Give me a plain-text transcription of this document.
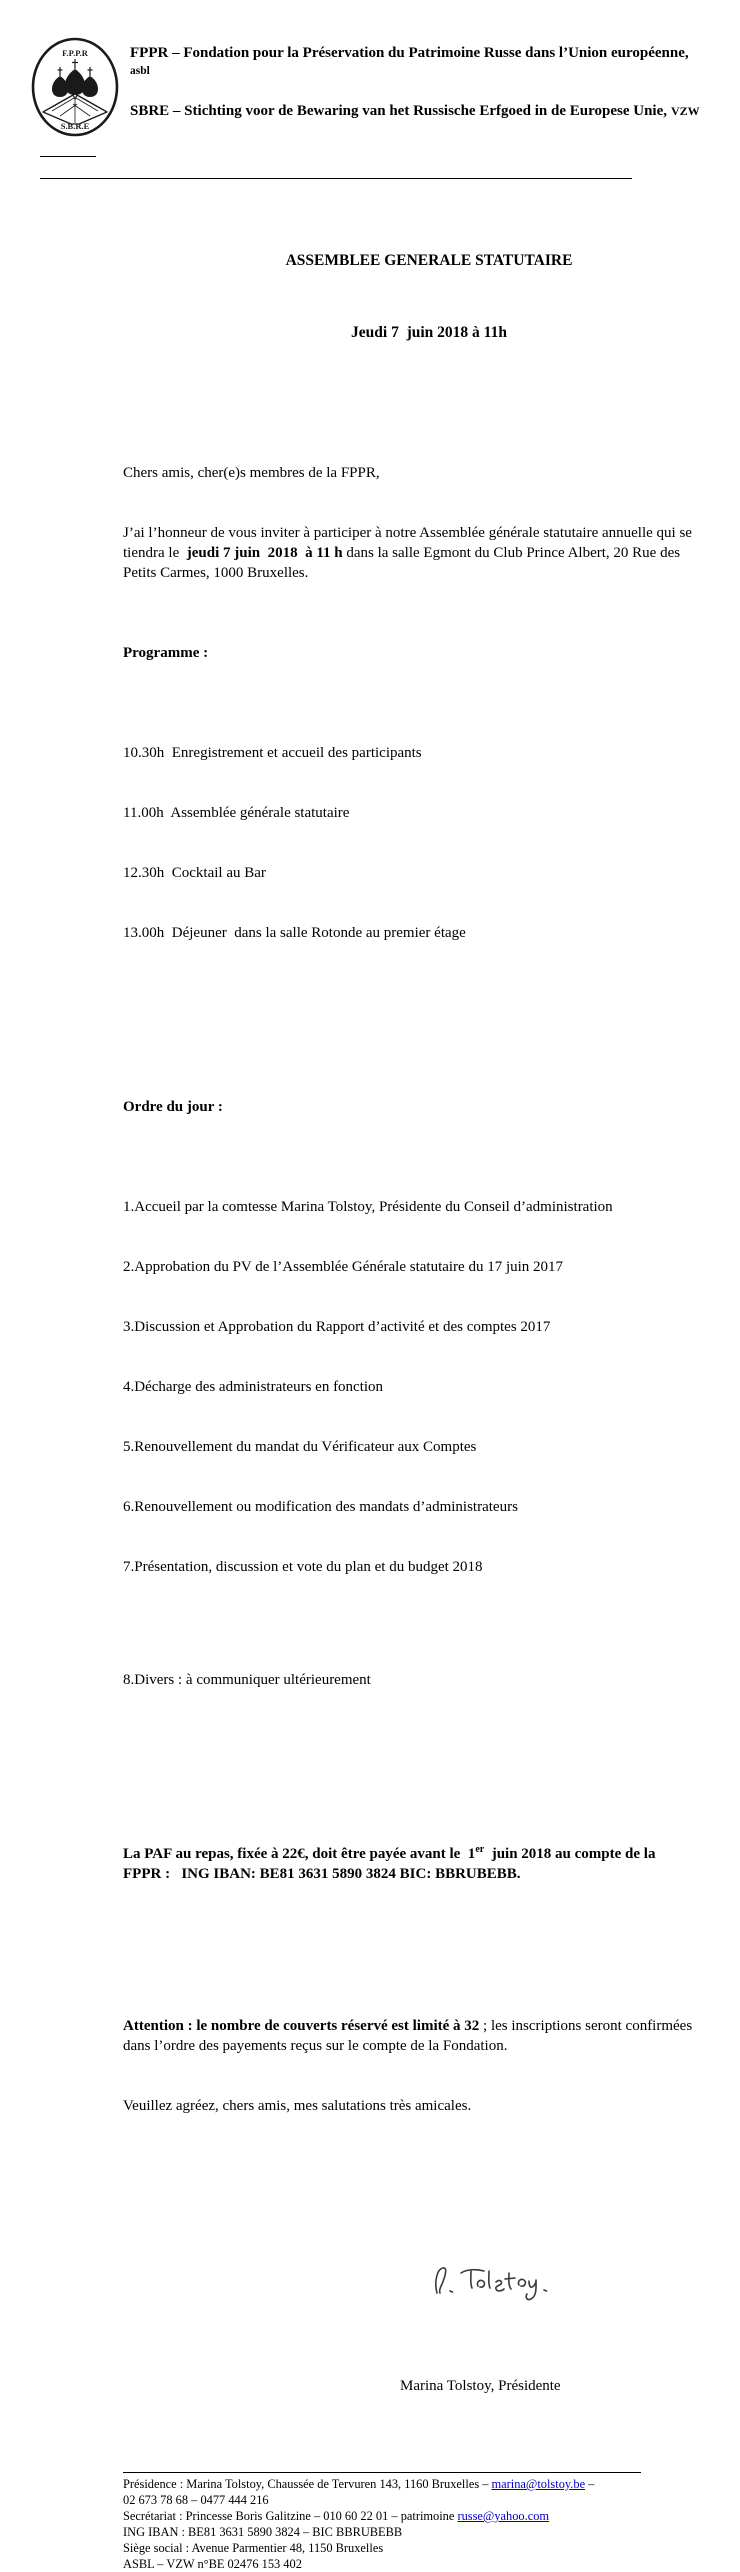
F.P.P.R
S.B.R.E
FPPR – Fondation pour la Préservation du Patrimoine Russe dans l’Union européenne,
asbl
SBRE – Stichting voor de Bewaring van het Russische Erfgoed in de Europese Unie, VZW

ASSEMBLEE GENERALE STATUTAIRE

Jeudi 7  juin 2018 à 11h

Chers amis, cher(e)s membres de la FPPR,

J’ai l’honneur de vous inviter à participer à notre Assemblée générale statutaire annuelle qui se tiendra le  jeudi 7 juin  2018  à 11 h dans la salle Egmont du Club Prince Albert, 20 Rue des Petits Carmes, 1000 Bruxelles.

Programme :

10.30h  Enregistrement et accueil des participants

11.00h  Assemblée générale statutaire

12.30h  Cocktail au Bar

13.00h  Déjeuner  dans la salle Rotonde au premier étage

Ordre du jour :

1.Accueil par la comtesse Marina Tolstoy, Présidente du Conseil d’administration

2.Approbation du PV de l’Assemblée Générale statutaire du 17 juin 2017

3.Discussion et Approbation du Rapport d’activité et des comptes 2017

4.Décharge des administrateurs en fonction

5.Renouvellement du mandat du Vérificateur aux Comptes

6.Renouvellement ou modification des mandats d’administrateurs

7.Présentation, discussion et vote du plan et du budget 2018

8.Divers : à communiquer ultérieurement

La PAF au repas, fixée à 22€, doit être payée avant le  1er  juin 2018 au compte de la FPPR :   ING IBAN: BE81 3631 5890 3824 BIC: BBRUBEBB.

Attention : le nombre de couverts réservé est limité à 32 ; les inscriptions seront confirmées dans l’ordre des payements reçus sur le compte de la Fondation.

Veuillez agréez, chers amis, mes salutations très amicales.

Marina Tolstoy, Présidente

Présidence : Marina Tolstoy, Chaussée de Tervuren 143, 1160 Bruxelles – marina@tolstoy.be –
02 673 78 68 – 0477 444 216
Secrétariat : Princesse Boris Galitzine – 010 60 22 01 – patrimoine russe@yahoo.com
ING IBAN : BE81 3631 5890 3824 – BIC BBRUBEBB
Siège social : Avenue Parmentier 48, 1150 Bruxelles
ASBL – VZW n°BE 02476 153 402
